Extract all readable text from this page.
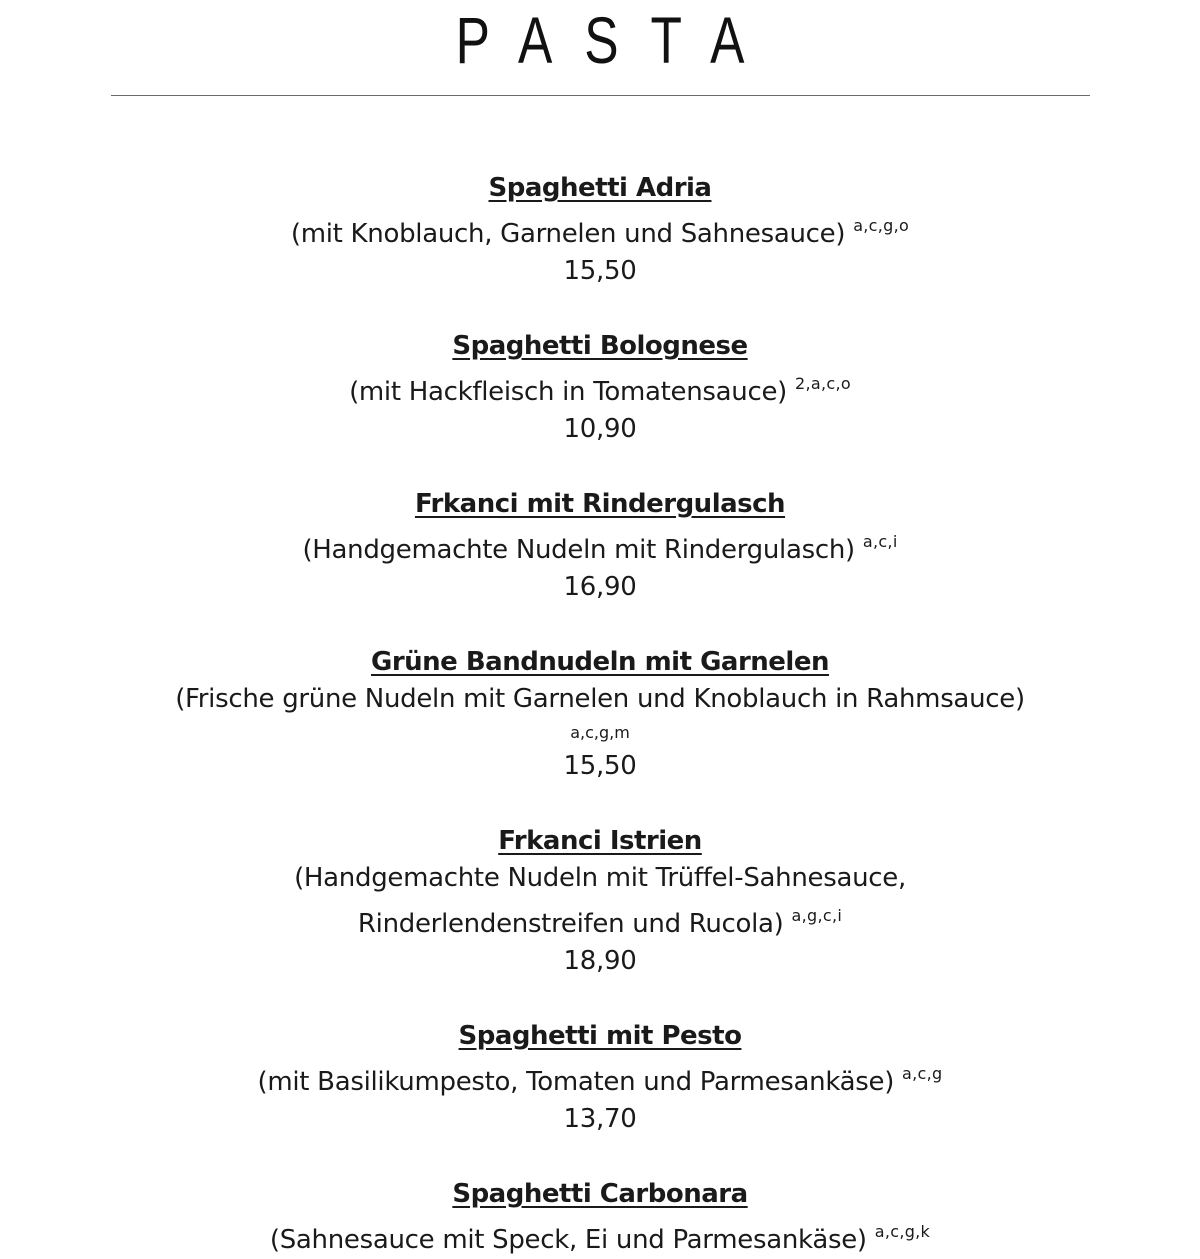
PASTA
Spaghetti Adria
(mit Knoblauch, Garnelen und Sahnesauce) $^{a,c,g,o}$
15,50
Spaghetti Bolognese
(mit Hackfleisch in Tomatensauce) $^{2,a,c,o}$
10,90
Frkanci mit Rindergulasch
(Handgemachte Nudeln mit Rindergulasch) $^{a,c,i}$
16,90
Grüne Bandnudeln mit Garnelen
(Frische grüne Nudeln mit Garnelen und Knoblauch in Rahmsauce)
a,c,g,m
15,50
Frkanci Istrien
(Handgemachte Nudeln mit Trüffel-Sahnesauce,
Rinderlendenstreifen und Rucola) $^{a,g,c,i}$
18,90
Spaghetti mit Pesto
(mit Basilikumpesto, Tomaten und Parmesankäse) $^{a,c,g}$
13,70
Spaghetti Carbonara
(Sahnesauce mit Speck, Ei und Parmesankäse) $^{a,c,g,k}$
